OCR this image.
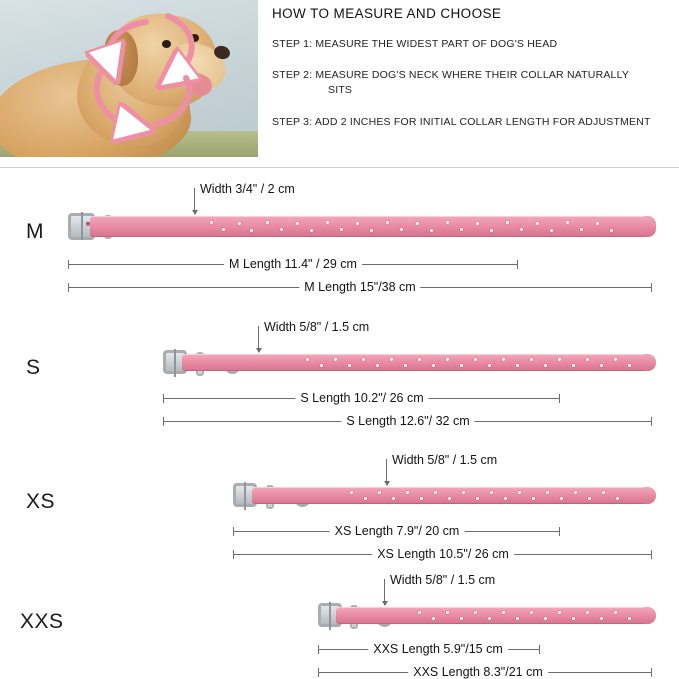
HOW TO MEASURE AND CHOOSE
STEP 1: MEASURE THE WIDEST PART OF DOG'S HEAD
STEP 2: MEASURE DOG'S NECK WHERE THEIR COLLAR NATURALLY
SITS
STEP 3: ADD 2 INCHES FOR INITIAL COLLAR LENGTH FOR ADJUSTMENT
M
Width 3/4" / 2 cm
M Length 11.4" / 29 cm
M Length 15"/38 cm
S
Width 5/8" / 1.5 cm
S Length 10.2"/ 26 cm
S Length 12.6"/ 32 cm
XS
Width 5/8" / 1.5 cm
XS Length 7.9"/ 20 cm
XS Length 10.5"/ 26 cm
XXS
Width 5/8" / 1.5 cm
XXS Length 5.9"/15 cm
XXS Length 8.3"/21 cm
